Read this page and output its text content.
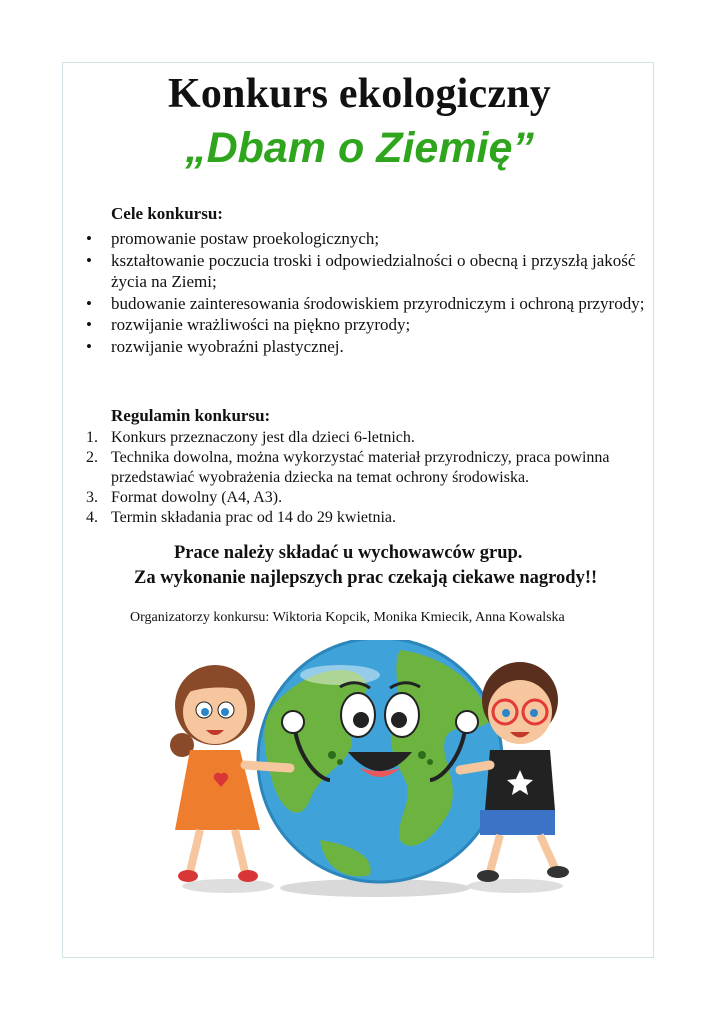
Konkurs ekologiczny
„Dbam o Ziemię”
Cele konkursu:
• promowanie postaw proekologicznych;
• kształtowanie poczucia troski i odpowiedzialności o obecną i przyszłą jakość życia na Ziemi;
• budowanie zainteresowania środowiskiem przyrodniczym i ochroną przyrody;
• rozwijanie wrażliwości na piękno przyrody;
• rozwijanie wyobraźni plastycznej.
Regulamin konkursu:
1. Konkurs przeznaczony jest dla dzieci 6-letnich.
2. Technika dowolna, można wykorzystać materiał przyrodniczy, praca powinna przedstawiać wyobrażenia dziecka na temat ochrony środowiska.
3. Format dowolny (A4, A3).
4. Termin składania prac od 14 do 29 kwietnia.
Prace należy składać u wychowawców grup.
Za wykonanie najlepszych prac czekają ciekawe nagrody!!
Organizatorzy konkursu: Wiktoria Kopcik, Monika Kmiecik, Anna Kowalska
